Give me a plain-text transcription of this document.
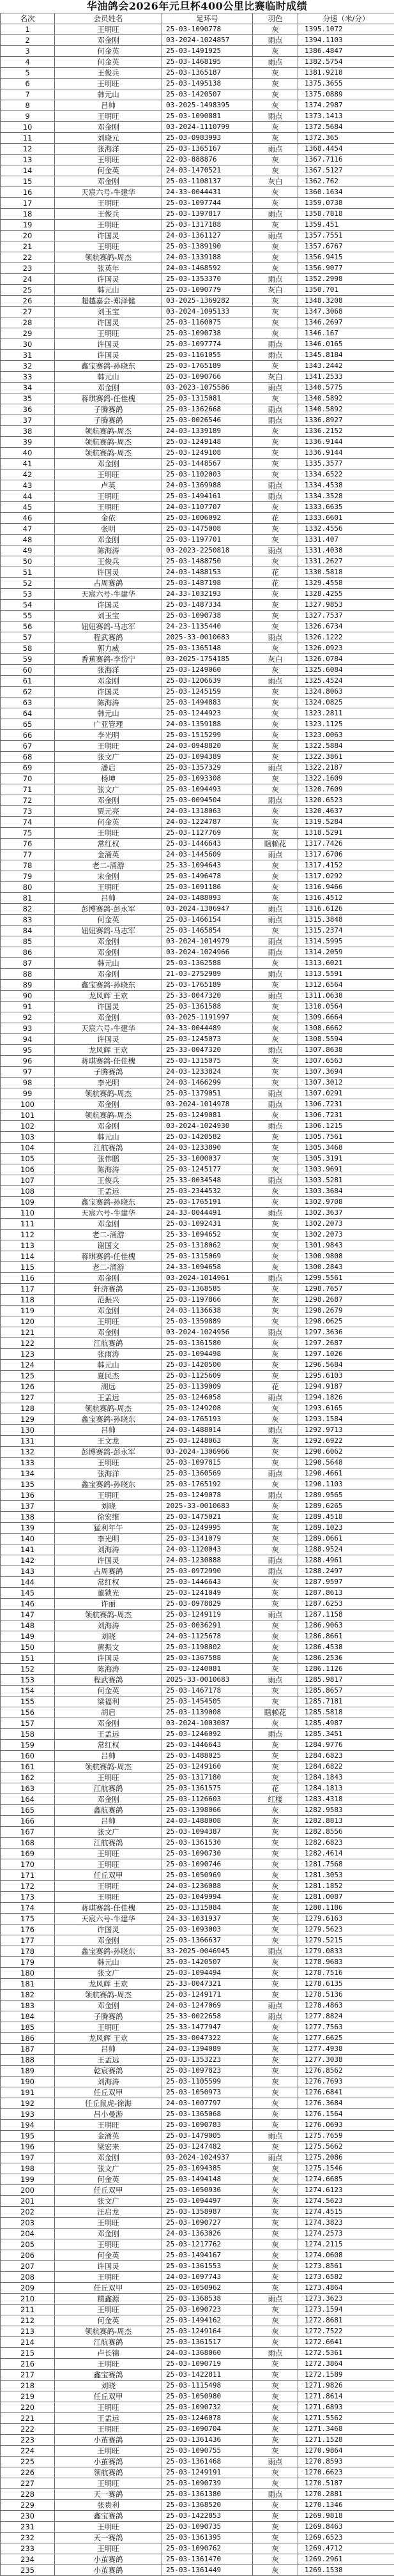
华油鸽会2026年元旦杯400公里比赛临时成绩
名次	会员姓名	足环号	羽色	分速（米/分）
1	王明旺	25-03-1090778	灰	1395.1072
2	邓金刚	03-2024-1024857	雨点	1394.1103
3	何金英	25-03-1491925	灰	1386.4847
4	何金英	25-03-1468195	雨点	1382.5754
5	王俊兵	25-03-1365187	灰	1381.9218
6	王明旺	25-03-1495138	灰	1375.3655
7	韩元山	25-03-1420507	灰	1375.0889
8	吕帅	03-2025-1498395	灰	1374.2987
9	王明旺	25-03-1090881	雨点	1373.1413
10	邓金刚	03-2024-1110799	灰	1372.5684
11	刘晓元	25-03-0983993	灰	1372.365
12	张海洋	25-03-1365167	雨点	1368.4454
13	王明旺	22-03-888876	灰	1367.7116
14	何金英	24-03-1470521	灰	1367.5127
15	邓金刚	25-03-1108137	灰白	1362.762
16	天宸六号-牛建华	24-33-0044431	灰	1360.1634
17	王明旺	25-03-1097744	灰	1359.0738
18	王俊兵	25-03-1397817	雨点	1358.7818
19	王明旺	25-03-1317188	灰	1359.451
20	许国灵	24-03-1361127	雨点	1357.7551
21	王明旺	25-03-1389190	灰	1357.6767
22	领航赛鸽-周杰	24-03-1339188	灰	1356.9415
23	张英年	24-03-1468592	灰	1356.9077
24	许国灵	25-03-1353370	雨点	1352.2998
25	韩元山	25-03-1090779	灰白	1350.701
26	超越嘉会-郑泽健	03-2025-1369282	灰	1348.3208
27	刘玉宝	03-2024-1095133	灰	1347.3068
28	许国灵	25-03-1160075	灰	1346.2697
29	王明旺	25-03-1090738	灰	1346.167
30	许国灵	25-03-1097774	雨点	1346.0165
31	许国灵	25-03-1161055	雨点	1345.8184
32	鑫宝赛鸽-孙晓东	25-03-1765189	灰	1343.2442
33	韩元山	25-03-1090766	灰白	1341.2533
34	邓金刚	03-2023-1075586	雨点	1340.5775
35	蒋琪赛鸽-任佳槐	25-03-1315081	灰	1340.5892
36	子腾赛鸽	25-03-1362668	雨点	1340.5892
37	子腾赛鸽	25-03-0026546	雨点	1336.8927
38	领航赛鸽-周杰	24-03-1339189	灰	1336.2152
39	领航赛鸽-周杰	25-03-1249148	灰	1336.9144
40	领航赛鸽-周杰	25-03-1249108	灰	1336.9144
41	邓金刚	25-03-1448567	灰	1335.3577
42	王明旺	25-03-1102003	灰	1334.6522
43	卢英	24-03-1369988	雨点	1334.4538
44	王明旺	25-03-1494161	雨点	1334.3528
45	王明旺	24-03-1107707	灰	1333.6635
46	金依	25-03-1006092	花	1333.6601
47	张明	25-03-1475008	灰	1332.4556
48	邓金刚	25-03-1197701	灰	1331.407
49	陈海涛	03-2023-2250818	雨点	1331.4038
50	王俊兵	25-03-1488750	灰	1331.2627
51	许国灵	24-03-1488153	花	1330.5818
52	占周赛鸽	25-03-1487198	花	1329.4558
53	天宸六号-牛建华	24-33-1032193	灰	1328.4255
54	许国灵	25-03-1487334	灰	1327.9853
55	刘玉宝	25-03-1090738	灰	1327.7537
56	妞妞赛鸽-马志军	24-23-1135440	灰	1326.6734
57	程武赛鸽	2025-33-0010683	雨点	1326.1222
58	郭力威	25-03-1365148	灰	1326.0923
59	香蕉赛鸽-李岱宁	03-2025-1754185	灰白	1326.0784
60	张海洋	25-03-1249060	灰	1325.6084
61	邓金刚	25-03-1206639	雨点	1325.4524
62	许国灵	25-03-1245159	灰	1324.8063
63	陈海涛	25-03-1494883	灰	1324.0825
64	韩元山	25-03-1244923	灰	1323.2811
65	广亚管理	24-03-1359188	灰	1323.1125
66	李光明	25-03-1515299	灰	1323.0063
67	王明旺	24-03-0948820	灰	1322.5884
68	张文广	25-03-1094389	灰	1322.3861
69	潘启	25-03-1357329	雨点	1322.2187
70	杨坤	25-03-1093308	灰	1322.1609
71	张文广	25-03-1094493	灰	1320.7609
72	邓金刚	25-03-0094504	雨点	1320.6523
73	贾元亮	24-03-1318063	灰	1320.4637
74	何金英	24-03-1224787	灰	1319.5284
75	王明旺	25-03-1127769	灰	1318.5291
76	常红权	25-03-1446643	瞎赖花	1317.7426
77	金涌英	24-03-1445609	雨点	1317.6706
78	老二-涌游	25-33-1094643	灰	1317.4152
79	宋金刚	25-03-1496478	灰	1317.0292
80	王明旺	25-03-1091186	灰	1316.9466
81	吕帅	24-03-1488093	灰	1316.4512
82	彭博赛鸽-彭永军	03-2024-1306947	雨点	1316.6126
83	何金英	25-03-1466154	雨点	1315.3848
84	妞妞赛鸽-马志军	25-03-1465854	灰	1315.2374
85	邓金刚	03-2024-1014979	雨点	1314.5995
86	邓金刚	03-2024-1024966	雨点	1314.2059
87	韩元山	25-03-1362588	灰	1313.6021
88	邓金刚	21-03-2752989	雨点	1313.5591
89	鑫宝赛鸽-孙晓东	25-03-1765189	灰	1312.6564
90	龙风辉 王欢	25-33-0047320	雨点	1311.0638
91	许国灵	25-03-1361588	灰	1310.0564
92	邓金刚	03-2025-1191997	灰	1309.6664
93	天宸六号-牛建华	24-33-0044489	灰	1308.6662
94	许国灵	25-03-1245073	灰	1308.5594
95	龙风辉 王欢	25-33-0047320	雨点	1307.8638
96	蒋琪赛鸽-任佳槐	25-03-1315075	灰	1307.6563
97	子腾赛鸽	24-03-1233824	灰	1307.3694
98	李光明	24-03-1466299	灰	1307.3012
99	领航赛鸽-周杰	25-03-1379051	雨点	1307.0291
100	邓金刚	03-2024-1014978	雨点	1306.7231
101	领航赛鸽-周杰	25-03-1249081	灰	1306.7231
102	邓金刚	03-2024-1024930	雨点	1306.1215
103	韩元山	25-03-1420582	灰	1305.7561
104	江航赛鸽	24-03-1233890	灰	1305.3468
105	张伟鹏	25-33-1000037	灰	1305.3191
106	陈海涛	25-03-1245177	灰	1303.9691
107	王俊兵	25-33-0034548	雨点	1303.5281
108	王孟远	25-03-2344532	灰	1303.3684
109	鑫宝赛鸽-孙晓东	25-03-1765191	灰	1302.9708
110	天宸六号-牛建华	24-33-0044491	雨点	1302.3637
111	邓金刚	25-03-1092431	灰	1302.2073
112	老二-涌游	25-33-1094652	灰	1302.2073
113	谢国文	25-03-1318062	灰	1301.9843
114	蒋琪赛鸽-任佳槐	25-03-1315069	灰	1300.9808
115	老二-涌游	24-33-1094658	灰	1300.2843
116	邓金刚	03-2024-1014961	雨点	1299.5561
117	轩济赛鸽	25-03-1368585	灰	1298.7657
118	范振兴	25-03-1197866	灰	1298.2687
119	邓金刚	24-03-1136638	灰	1298.2679
120	王明旺	25-03-1359889	灰	1298.0625
121	邓金刚	03-2024-1024956	雨点	1297.3636
122	江航赛鸽	25-03-1361580	灰	1297.2687
123	张雨涛	25-03-1094498	灰	1297.1026
124	韩元山	25-03-1420500	灰	1296.5684
125	夏民杰	25-03-1125609	灰	1295.6103
126	湖远	25-03-1139009	花	1294.9187
127	王孟远	25-03-1246058	雨点	1294.1826
128	领航赛鸽-周杰	25-03-1249208	灰	1293.6165
129	鑫宝赛鸽-孙晓东	24-03-1765193	灰	1293.1584
130	吕帅	24-03-1488014	雨点	1292.9713
131	王文龙	25-03-1248063	灰	1292.6922
132	彭博赛鸽-彭永军	03-2024-1306966	灰	1290.6062
133	王明旺	25-03-1097815	灰	1290.5648
134	张海洋	25-03-1360569	雨点	1290.4661
135	鑫宝赛鸽-孙晓东	25-03-1765192	灰	1290.1103
136	王明旺	25-03-1249078	雨点	1289.9565
137	刘晓	2025-33-0010683	灰	1289.6265
138	徐宏维	25-03-1475021	灰	1289.4518
139	猛利年午	25-03-1249995	灰	1289.1023
140	李光明	25-03-1341079	灰	1289.0661
141	刘海涛	24-03-1120043	灰	1288.9524
142	许国灵	24-03-1230888	雨点	1288.4961
143	占周赛鸽	25-03-0972990	雨点	1288.2497
144	常红权	25-03-1446643	灰	1287.9597
145	董锁光	25-03-1241049	灰	1287.8613
146	许丽	25-03-0978829	灰	1287.6253
147	领航赛鸽-周杰	25-03-1249119	雨点	1287.1158
148	刘海涛	25-03-0036291	灰	1286.9063
149	刘晓	24-03-1125678	灰	1286.8661
150	黄振文	25-03-1198802	灰	1286.4538
151	许国灵	25-03-1367588	灰	1286.2536
152	陈海涛	25-03-1240081	灰	1286.1126
153	程武赛鸽	2025-33-0010683	雨点	1285.9817
154	何金英	25-03-1467178	灰	1285.8657
155	梁福利	25-03-1454505	灰	1285.7181
156	胡启	25-03-1139008	瞎赖花	1285.5818
157	邓金刚	03-2024-1003087	灰	1285.4987
158	王孟远	25-03-1246092	雨点	1285.3451
159	常红权	25-03-1446643	灰	1284.9776
160	吕帅	25-03-1488025	灰	1284.6823
161	领航赛鸽-周杰	25-03-1249160	灰	1284.6822
162	王明旺	25-03-1317180	灰	1284.1843
163	江航赛鸽	25-03-1361575	花	1284.1813
164	邓金刚	25-03-1126603	红楼	1283.4318
165	鑫航赛鸽	25-03-1398066	灰	1282.9583
166	吕帅	24-03-1488008	灰	1282.8813
167	张文广	25-03-1094387	灰	1282.8556
168	江航赛鸽	25-03-1361530	灰	1282.6823
169	王明旺	25-03-1090730	灰	1282.4614
170	王明旺	25-03-1090746	灰	1281.7568
171	任丘双甲	25-03-1050969	灰	1281.3053
172	王明旺	24-03-1236088	灰	1281.1852
173	王明旺	25-03-1049994	灰	1281.0087
174	蒋琪赛鸽-任佳槐	25-03-1315084	灰	1280.1186
175	天宸六号-牛建华	24-33-1031937	灰	1279.6163
176	许国灵	25-03-1093003	灰	1279.5623
177	邓金刚	25-03-1366637	灰	1279.5215
178	鑫宝赛鸽-孙晓东	33-2025-0046945	雨点	1279.0833
179	韩元山	25-03-1420507	灰	1278.9683
180	张文广	25-03-1094494	灰	1278.7516
181	龙风辉 王欢	25-33-0047321	灰	1278.6135
182	领航赛鸽-周杰	25-03-1249171	灰	1278.5136
183	邓金刚	24-03-1247069	雨点	1278.4863
184	子腾赛鸽	25-33-0022658	雨点	1277.8824
185	王明旺	25-33-1477947	灰	1277.7563
186	龙风辉 王欢	25-33-0047322	灰	1277.6625
187	吕帅	24-03-1394089	灰	1277.4938
188	王孟远	25-03-1353223	灰	1277.3038
189	乾宸赛鸽	25-03-1097823	灰	1276.8562
190	刘海涛	25-03-1105599	灰	1276.7693
191	任丘双甲	25-03-1050973	灰	1276.6841
192	任丘鼠虎-徐海	24-03-1007797	灰	1276.3684
193	吕小曼游	25-03-1365068	灰	1276.1564
194	王明旺	25-03-1090783	灰	1276.0693
195	金涌英	25-03-1479005	雨点	1275.7659
196	梁宏来	25-03-1247482	灰	1275.5662
197	邓金刚	03-2024-1024937	雨点	1275.2086
198	张文广	25-03-1094385	灰	1275.1546
199	何金英	25-03-1494148	灰	1274.6685
200	任丘双甲	25-03-1050936	灰	1274.6123
201	张文广	25-03-1094497	灰	1274.5623
202	汪启龙	25-03-1358987	灰	1274.4515
203	王明旺	25-03-1090727	灰	1274.3823
204	邓金刚	24-03-1363026	灰	1274.2573
205	王明旺	25-03-1217762	灰	1274.2115
206	何金英	25-03-1494167	灰	1274.0608
207	许国灵	25-03-1361553	灰	1273.8561
208	王明旺	24-03-1097743	灰	1273.6582
209	任丘双甲	25-03-1050962	灰	1273.4864
210	精鑫源	25-03-1368538	雨点	1273.3623
211	王明旺	25-03-1090723	灰	1273.1594
212	何金英	25-03-1494162	灰	1272.8681
213	领航赛鸽-周杰	25-03-1249164	灰	1272.7522
214	江航赛鸽	25-03-1361517	灰	1272.6641
215	卢长锦	24-03-1368060	雨点	1272.5361
216	王明旺	25-03-1090719	灰	1272.3864
217	鑫宝赛鸽	25-03-1422811	灰	1272.1589
218	刘晓	25-03-1115498	灰	1271.9826
219	任丘双甲	25-03-1050980	灰	1271.8614
220	王明旺	25-03-1090732	灰	1271.6893
221	王孟远	25-03-1246078	灰	1271.5562
222	王明旺	25-03-1090704	灰	1271.3468
223	小茧赛鸽	25-03-1361436	灰	1271.1528
224	王明旺	25-03-1090755	灰	1270.9864
225	小茧赛鸽	25-03-1361468	雨点	1270.8593
226	领航赛鸽	25-03-1249191	灰	1270.6623
227	王明旺	25-03-1090739	灰	1270.5187
228	天一赛鸽	25-03-1361380	雨点	1270.2881
229	张贵利	25-03-1368520	灰	1270.1346
230	鑫宝赛鸽	25-03-1422853	灰	1269.9818
231	王明旺	25-03-1090735	灰	1269.8463
232	天一赛鸽	25-03-1361395	灰	1269.6523
233	王明旺	25-03-1090762	灰	1269.4712
234	小茧赛鸽	25-03-1361470	灰	1269.2961
235	小茧赛鸽	25-03-1361449	灰	1269.1538
